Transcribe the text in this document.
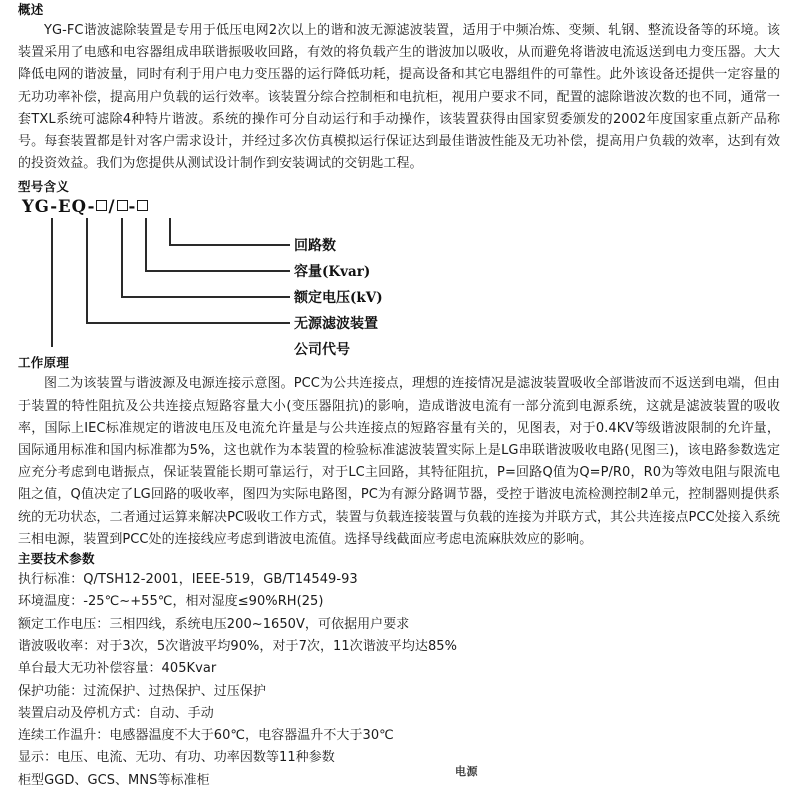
概述

YG-FC谐波滤除装置是专用于低压电网2次以上的谐和波无源滤波装置，适用于中频冶炼、变频、轧钢、整流设备等的环境。该装置采用了电感和电容器组成串联谐振吸收回路，有效的将负载产生的谐波加以吸收，从而避免将谐波电流返送到电力变压器。大大降低电网的谐波量，同时有利于用户电力变压器的运行降低功耗，提高设备和其它电器组件的可靠性。此外该设备还提供一定容量的无功功率补偿，提高用户负载的运行效率。该装置分综合控制柜和电抗柜，视用户要求不同，配置的滤除谐波次数的也不同，通常一套TXL系统可滤除4种特片谐波。系统的操作可分自动运行和手动操作，该装置获得由国家贸委颁发的2002年度国家重点新产品称号。每套装置都是针对客户需求设计，并经过多次仿真模拟运行保证达到最佳谐波性能及无功补偿，提高用户负载的效率，达到有效的投资效益。我们为您提供从测试设计制作到安装调试的交钥匙工程。

型号含义
YG-EQ- / -
回路数
容量(Kvar)
额定电压(kV)
无源滤波装置
公司代号
工作原理

图二为该装置与谐波源及电源连接示意图。PCC为公共连接点，理想的连接情况是滤波装置吸收全部谐波而不返送到电端，但由于装置的特性阻抗及公共连接点短路容量大小(变压器阻抗)的影响，造成谐波电流有一部分流到电源系统，这就是滤波装置的吸收率，国际上IEC标准规定的谐波电压及电流允许量是与公共连接点的短路容量有关的，见图表，对于0.4KV等级谐波限制的允许量，国际通用标准和国内标准都为5%，这也就作为本装置的检验标准滤波装置实际上是LG串联谐波吸收电路(见图三)，该电路参数选定应充分考虑到电谐振点，保证装置能长期可靠运行，对于LC主回路，其特征阻抗，P=回路Q值为Q=P/R0，R0为等效电阻与限流电阻之值，Q值决定了LG回路的吸收率，图四为实际电路图，PC为有源分路调节器，受控于谐波电流检测控制2单元，控制器则提供系统的无功状态，二者通过运算来解决PC吸收工作方式，装置与负载连接装置与负载的连接为并联方式，其公共连接点PCC处接入系统三相电源，装置到PCC处的连接线应考虑到谐波电流值。选择导线截面应考虑电流麻肤效应的影响。

主要技术参数
执行标准：Q/TSH12-2001，IEEE-519，GB/T14549-93
环境温度：-25℃~+55℃，相对湿度≤90%RH(25)
额定工作电压：三相四线，系统电压200~1650V，可依据用户要求
谐波吸收率：对于3次，5次谐波平均90%，对于7次，11次谐波平均达85%
单台最大无功补偿容量：405Kvar
保护功能：过流保护、过热保护、过压保护
装置启动及停机方式：自动、手动
连续工作温升：电感器温度不大于60℃，电容器温升不大于30℃
显示：电压、电流、无功、有功、功率因数等11种参数
柜型GGD、GCS、MNS等标准柜
电源
